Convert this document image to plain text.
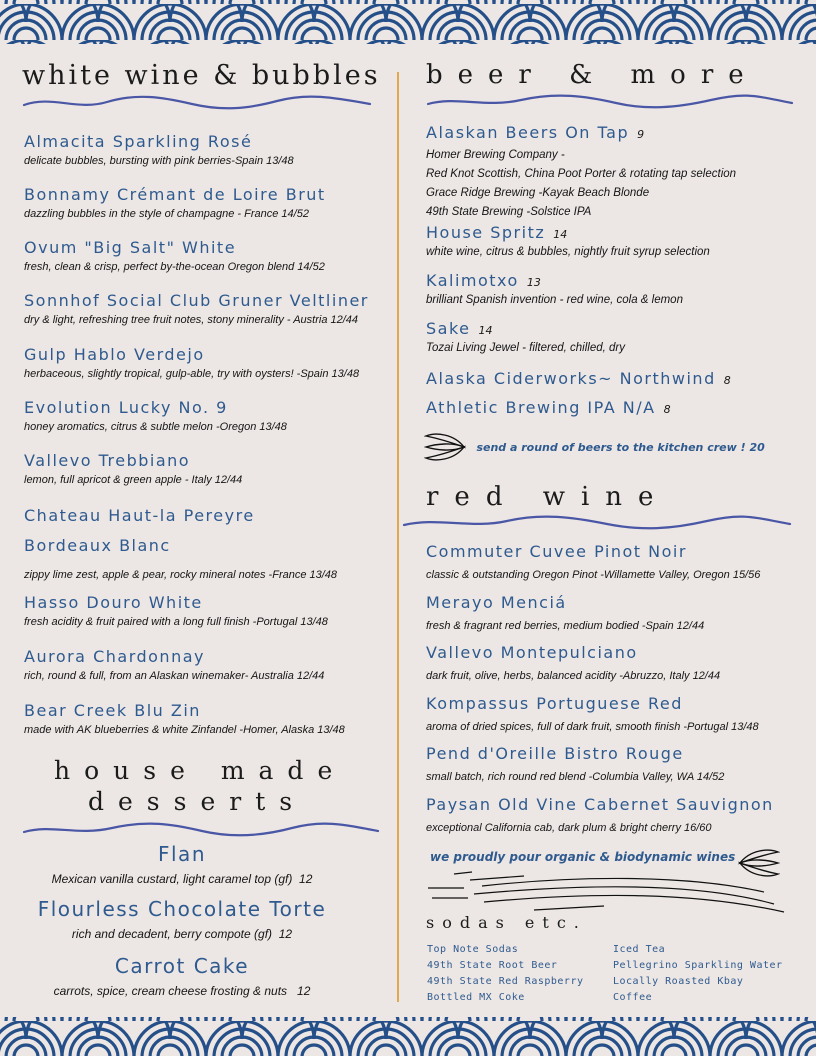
white wine & bubbles

Almacita Sparkling Rosé

delicate bubbles, bursting with pink berries-Spain 13/48

Bonnamy Crémant de Loire Brut

dazzling bubbles in the style of champagne - France 14/52

Ovum "Big Salt" White

fresh, clean & crisp, perfect by-the-ocean Oregon blend 14/52

Sonnhof Social Club Gruner Veltliner

dry & light, refreshing tree fruit notes, stony minerality - Austria 12/44

Gulp Hablo Verdejo

herbaceous, slightly tropical, gulp-able, try with oysters! -Spain 13/48

Evolution Lucky No. 9

honey aromatics, citrus & subtle melon -Oregon 13/48

Vallevo Trebbiano

lemon, full apricot & green apple - Italy 12/44

Chateau Haut-la Pereyre

Bordeaux Blanc

zippy lime zest, apple & pear, rocky mineral notes -France 13/48

Hasso Douro White

fresh acidity & fruit paired with a long full finish -Portugal 13/48

Aurora Chardonnay

rich, round & full, from an Alaskan winemaker- Australia 12/44

Bear Creek Blu Zin

made with AK blueberries & white Zinfandel -Homer, Alaska 13/48

house made
desserts

Flan

Mexican vanilla custard, light caramel top (gf) 12

Flourless Chocolate Torte

rich and decadent, berry compote (gf) 12

Carrot Cake

carrots, spice, cream cheese frosting & nuts 12

beer & more

Alaskan Beers On Tap 9

Homer Brewing Company -

Red Knot Scottish, China Poot Porter & rotating tap selection

Grace Ridge Brewing -Kayak Beach Blonde

49th State Brewing -Solstice IPA

House Spritz 14

white wine, citrus & bubbles, nightly fruit syrup selection

Kalimotxo 13

brilliant Spanish invention - red wine, cola & lemon

Sake 14

Tozai Living Jewel - filtered, chilled, dry

Alaska Ciderworks~ Northwind 8

Athletic Brewing IPA N/A 8

send a round of beers to the kitchen crew ! 20
red wine

Commuter Cuvee Pinot Noir

classic & outstanding Oregon Pinot -Willamette Valley, Oregon 15/56

Merayo Menciá

fresh & fragrant red berries, medium bodied -Spain 12/44

Vallevo Montepulciano

dark fruit, olive, herbs, balanced acidity -Abruzzo, Italy 12/44

Kompassus Portuguese Red

aroma of dried spices, full of dark fruit, smooth finish -Portugal 13/48

Pend d'Oreille Bistro Rouge

small batch, rich round red blend -Columbia Valley, WA 14/52

Paysan Old Vine Cabernet Sauvignon

exceptional California cab, dark plum & bright cherry 16/60

we proudly pour organic & biodynamic wines
sodas etc.
Top Note Sodas
49th State Root Beer
49th State Red Raspberry
Bottled MX Coke
Iced Tea
Pellegrino Sparkling Water
Locally Roasted Kbay
Coffee
